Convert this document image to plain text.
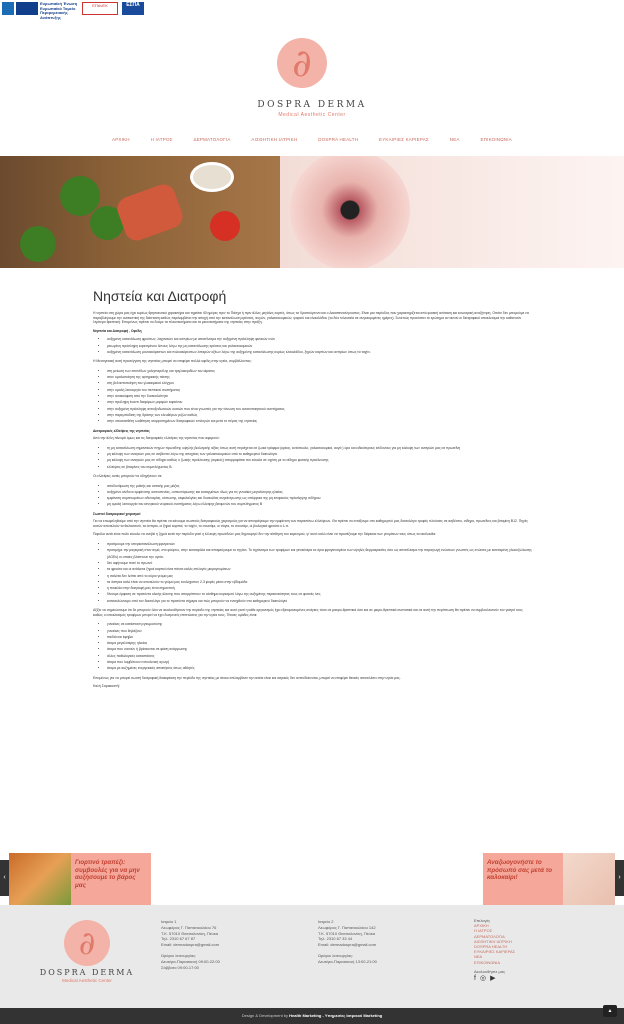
Ευρωπαϊκή Ένωση
Ευρωπαϊκό Ταμείο Περιφερειακής Ανάπτυξης
ΕΠΑνΕΚ	ΕΣΠΑ
∂
DOSPRA DERMA
Medical Aesthetic Center
ΑΡΧΙΚΗ	Η ΙΑΤΡΟΣ	ΔΕΡΜΑΤΟΛΟΓΙΑ	ΑΙΣΘΗΤΙΚΗ ΙΑΤΡΙΚΗ	DOSPRA HEALTH	ΕΥΚΑΙΡΙΕΣ ΚΑΡΙΕΡΑΣ	ΝΕΑ	ΕΠΙΚΟΙΝΩΝΙΑ
Νηστεία και Διατροφή
Η νηστεία στη χώρα μας έχει κυρίως θρησκευτικό χαρακτήρα και τηρείται 40 ημέρες πριν το Πάσχα ή πριν άλλες μεγάλες εορτές, όπως τα Χριστούγεννα και ο Δεκαπενταύγουστος. Είναι μια περίοδος που χαρακτηρίζεται από φυσική ανάταση και εσωτερική αναζήτηση. Οπότε δεν μπορούμε να παραβλέψουμε την ουσιαστική της διάσταση καθώς περιλαμβάνει την αποχή από την κατανάλωση κρέατος, αυγών, γαλακτοκομικών, ψαριού και ελαιολάδου (τα δύο τελευταία σε συγκεκριμένες ημέρες). Συνεπώς προκύπτει το ερώτημα αν αυτού οι διατροφικοί αποκλεισμοί την καθιστούν λιγότερο θρεπτική. Επομένως πρέπει να δούμε τα πλεονεκτήματα και τα μειονεκτήματα της νηστείας στην πράξη.
Νηστεία και Διατροφή , Οφέλη
• αυξημένη κατανάλωση φρούτων, λαχανικών και οσπρίων με αποτέλεσμα την αυξημένη πρόσληψη φυτικών ινών
• μειωμένη πρόσληψη κορεσμένου λίπους λόγω της μη κατανάλωσης κρέατος και γαλακτοκομικών
• αυξημένη κατανάλωση μονοακόρεστων και πολυακόρεστων λιπαρών οξέων λόγω της αυξημένης κατανάλωσης κυρίως ελαιολάδου, ξηρών καρπών και οσπρίων όπως τα ταχίνι.
Η Μεσογειακή αυτή προσέγγιση της νηστείας μπορεί να επιφέρει πολλά οφέλη στην υγεία, συμβάλλοντας:
• στη μείωση των επιπέδων χοληστερόλης και τριγλυκεριδίων του αίματος
• στον ομαλοποίηση της αρτηριακής πίεσης
• στη βελτιστοποίηση του γλυκαιμικού ελέγχου
• στην ομαλή λειτουργία του πεπτικού συστήματος
• στην ανακούφιση από την δυσκοιλιότητα
• στην πρόληψη έναντι διαφόρων μορφών καρκίνου
• στην αυξημένη πρόσληψη αντιοξειδωτικών ουσιών που είναι γνωστές για την τόνωση του ανοσοποιητικού συστήματος
• στην παρεμπόδιση της δράσης των ελευθέρων ριζών καθώς
• στην υποανισθέτη ωοθέτηση ισορροπημένων διατροφικών επιλογών και μετά το πέρας της νηστείας
Διατροφικές ελλείψεις της νηστείας
Από την άλλη πλευρά όμως και τις διατροφικές ελλείψεις της νηστείας που αφορούν:
• τη μη κατανάλωση σημαντικών πηγών πρωτεΐνης υψηλής βιολογικής αξίας όπως αυτή περιέχεται σε ζωικά τρόφιμα (κρέας, κοτόπουλο, γαλακτοκομικά, αυγά ) όρο και ειδικότερους κίνδυνους για μη κάλυψη των αναγκών μας σε πρωτεΐνη
• μη κάλυψη των αναγκών μας σε ασβέστιο λόγω της αποχείας των γαλακτοκομικών από το καθημερινό διαιτολόγιο
• μη κάλυψη των αναγκών μας σε σίδηρο καθώς ο ζωικής προέλευσης (αιμικός) απορροφάται πιο εύκολα σε σχέση με το σίδηρο φυτικής προέλευσης
• ελλείψεις σε βιταμίνες του συμπλέγματος Β.
Οι ελλείψεις αυτές μπορούν να οδηγήσουν σε:
• αποδυνάμωση της μυϊκής και οστικής μας μάζας
• αυξημένο κίνδυνο εμφάνισης οστεοπενίας, οστεοπόρωσης και καταγμάτων όλως για τις γυναίκες μεγαλύτερης ηλικίας
• εμφάνιση συμπτωμάτων αδυναμίας, κόπωσης, κεφαλαλγίας και δυσκολίας συγκέντρωσης ως απόρροια της μη επαρκούς πρόσληψης σιδήρου
• μη ομαλή λειτουργία του κεντρικού νευρικού συστήματος λόγω έλλειψης βιταμινών του συμπλέγματος Β
Σωστοί διατροφικοί χειρισμοί
Για να επωφεληθούμε από την νηστεία θα πρέπει να κάνουμε σωστούς διατροφικούς χειρισμούς για να αποτρέψουμε την εμφάνιση των παραπάνω ελλείψεων. Θα πρέπει να εντάξουμε στο καθημερινό μας διαιτολόγιο τροφές πλούσιες σε ασβέστιο, σίδηρο, πρωτεΐνες και βιταμίνη Β12. Πηγές αυτών αποτελούν τα θαλασσινά, τα όσπρια, οι ξηροί καρποί, το ταχίνι, το σουσάμι, οι σόγια, το σουσάμι, οι βιολογικά φρούτα κ.λ.π.
Παρόλα αυτά είναι πολύ εύκολο να ανεβεί η ζημιά κατά την περίοδο γιατί η έλλειψη πρωτεΐνών μας δημιουργεί δεν την αίσθηση του κορεσμού, γι' αυτό καλό είναι να προσέξουμε την διάρκεια των γευμάτων τους όπως τα ακόλουθα:
• προτίμουμε την υπερκατανάλωση φρυγανιών
• προτιμήμε την μαγειρική στον ατμό, στο φούρνο, στην κατσαρόλα και αποφεύγουμε το τηγάνι. Το τηγάνισμα των τροφίμων και γενικότερα τα όρια φρυγανισμένα των υψηλές θερμοκρασίες όσο ως αποτέλεσμα την παραγωγή ενώσεων γνωστές ως ενώσεις με εκτεταμένη γλυκοζυλίωσης (AGEs) οι οποίες βλάπτουν την υγεία.
• δεν αφήνουμε ποτέ το πρωινό
• τα φρούτα και οι ανάλατοι ξηροί καρποί είναι πάντα καλές επιλογές μικρογευμάτων
• η σαλάτα δεν λείπει από το κύριο γεύμα μας
• τα όσπρια καλό είναι να αποτελούν το γεύμα μας τουλάχιστον 2-3 φορές μέσα στην εβδομάδα
• η ποικιλία στην διατροφή μας είναι σημαντική
• δίνουμε έμφαση σε πρατόντα ολικής άλεσης που απορρίπτουν το αίσθημα κορεσμού λόγω της αυξημένης περιεκτικότητας τους σε φυτικές ίνες
• καταναλώνουμε από τον διαιτολόγο για το πρατόντα σήμερα και πώς μπορούν να ενταχθούν στο καθημερινό διαιτολόγιο
Αξίζει να σημειώσουμε ότι δε μπορούν όλοι να ακολουθήσουν την περίοδο της νηστείας και αυτό γιατί η κάθε οργανισμός έχει εξατομικευμένες ανάγκες τόσο σε μακρο-θρεπτικά όσο και σε μικρο-θρεπτικά συστατικά και σε αυτή την περίπτωση θα πρέπει να συμβουλευτούν τον γιατρό τους καθώς ο αποκλεισμός τροφίμων μπορεί να έχει δυσμενείς επιπτώσεις για την υγεία τους. Τέτοιες ομάδες είναι:
• γυναίκες σε κατάσταση εγκυμοσύνης
• γυναίκες που θηλάζουν
• παιδιά και έφηβοι
• άτομα μεγαλύτερης ηλικίας
• άτομα που νοσούν ή βρίσκονται σε φάση ανάρρωσης
• άλλες παθολογικές καταστάσεις
• άτομα που λαμβάνουν ινσουλινική αγωγή
• άτομα με αυξημένες ενεργειακές απαιτήσεις όπως αθλητές
Επομένως για να μπορεί σωστή διατροφική διακαρίαση την περίοδο της νηστείας με άτοκο επιλαμβάνει την εκτεία είναι και ιατρικός δεν αντενδείκνυται, μπορεί να επιφέρει θετικές αποτελέσει στην υγεία μας.
Καλή Σαρακοστή!
‹
Γιορτινό τραπέζι: συμβουλές για να μην αυξήσουμε το βάρος μας
Αναζωογονήστε το πρόσωπό σας μετά το καλοκαίρι!	›
∂
DOSPRA DERMA
Medical Aesthetic Center
Ιατρείο 1
Λεωφόρος Γ. Παπανικολάου 76
Τ.Κ. 57010 Θεσσαλονίκη, Πεύκα
Τηλ. 2310 67 67 87
Email: dermadospra@gmail.com
Ωράριο λειτουργίας:
Δευτέρα-Παρασκευή 09:00-22:00
Σάββατο 09:00-17:00
Ιατρείο 2
Λεωφόρος Γ. Παπανικολάου 142
Τ.Κ. 57010 Θεσσαλονίκη, Πεύκα
Τηλ. 2310 67 33 44
Email: dermadospra@gmail.com
Ωράριο λειτουργίας:
Δευτέρα-Παρασκευή 13:00-21:00
Επιλογές
ΑΡΧΙΚΗ
Η ΙΑΤΡΟΣ
ΔΕΡΜΑΤΟΛΟΓΙΑ
ΑΙΣΘΗΤΙΚΗ ΙΑΤΡΙΚΗ
DOSPRA HEALTH
ΕΥΚΑΙΡΙΕΣ ΚΑΡΙΕΡΑΣ
ΝΕΑ
ΕΠΙΚΟΙΝΩΝΙΑ
Ακολουθήστε μας
f ◎ ▶
Design & Development by Health Marketing - Υπηρεσίες Ιατρικού Marketing
▲
